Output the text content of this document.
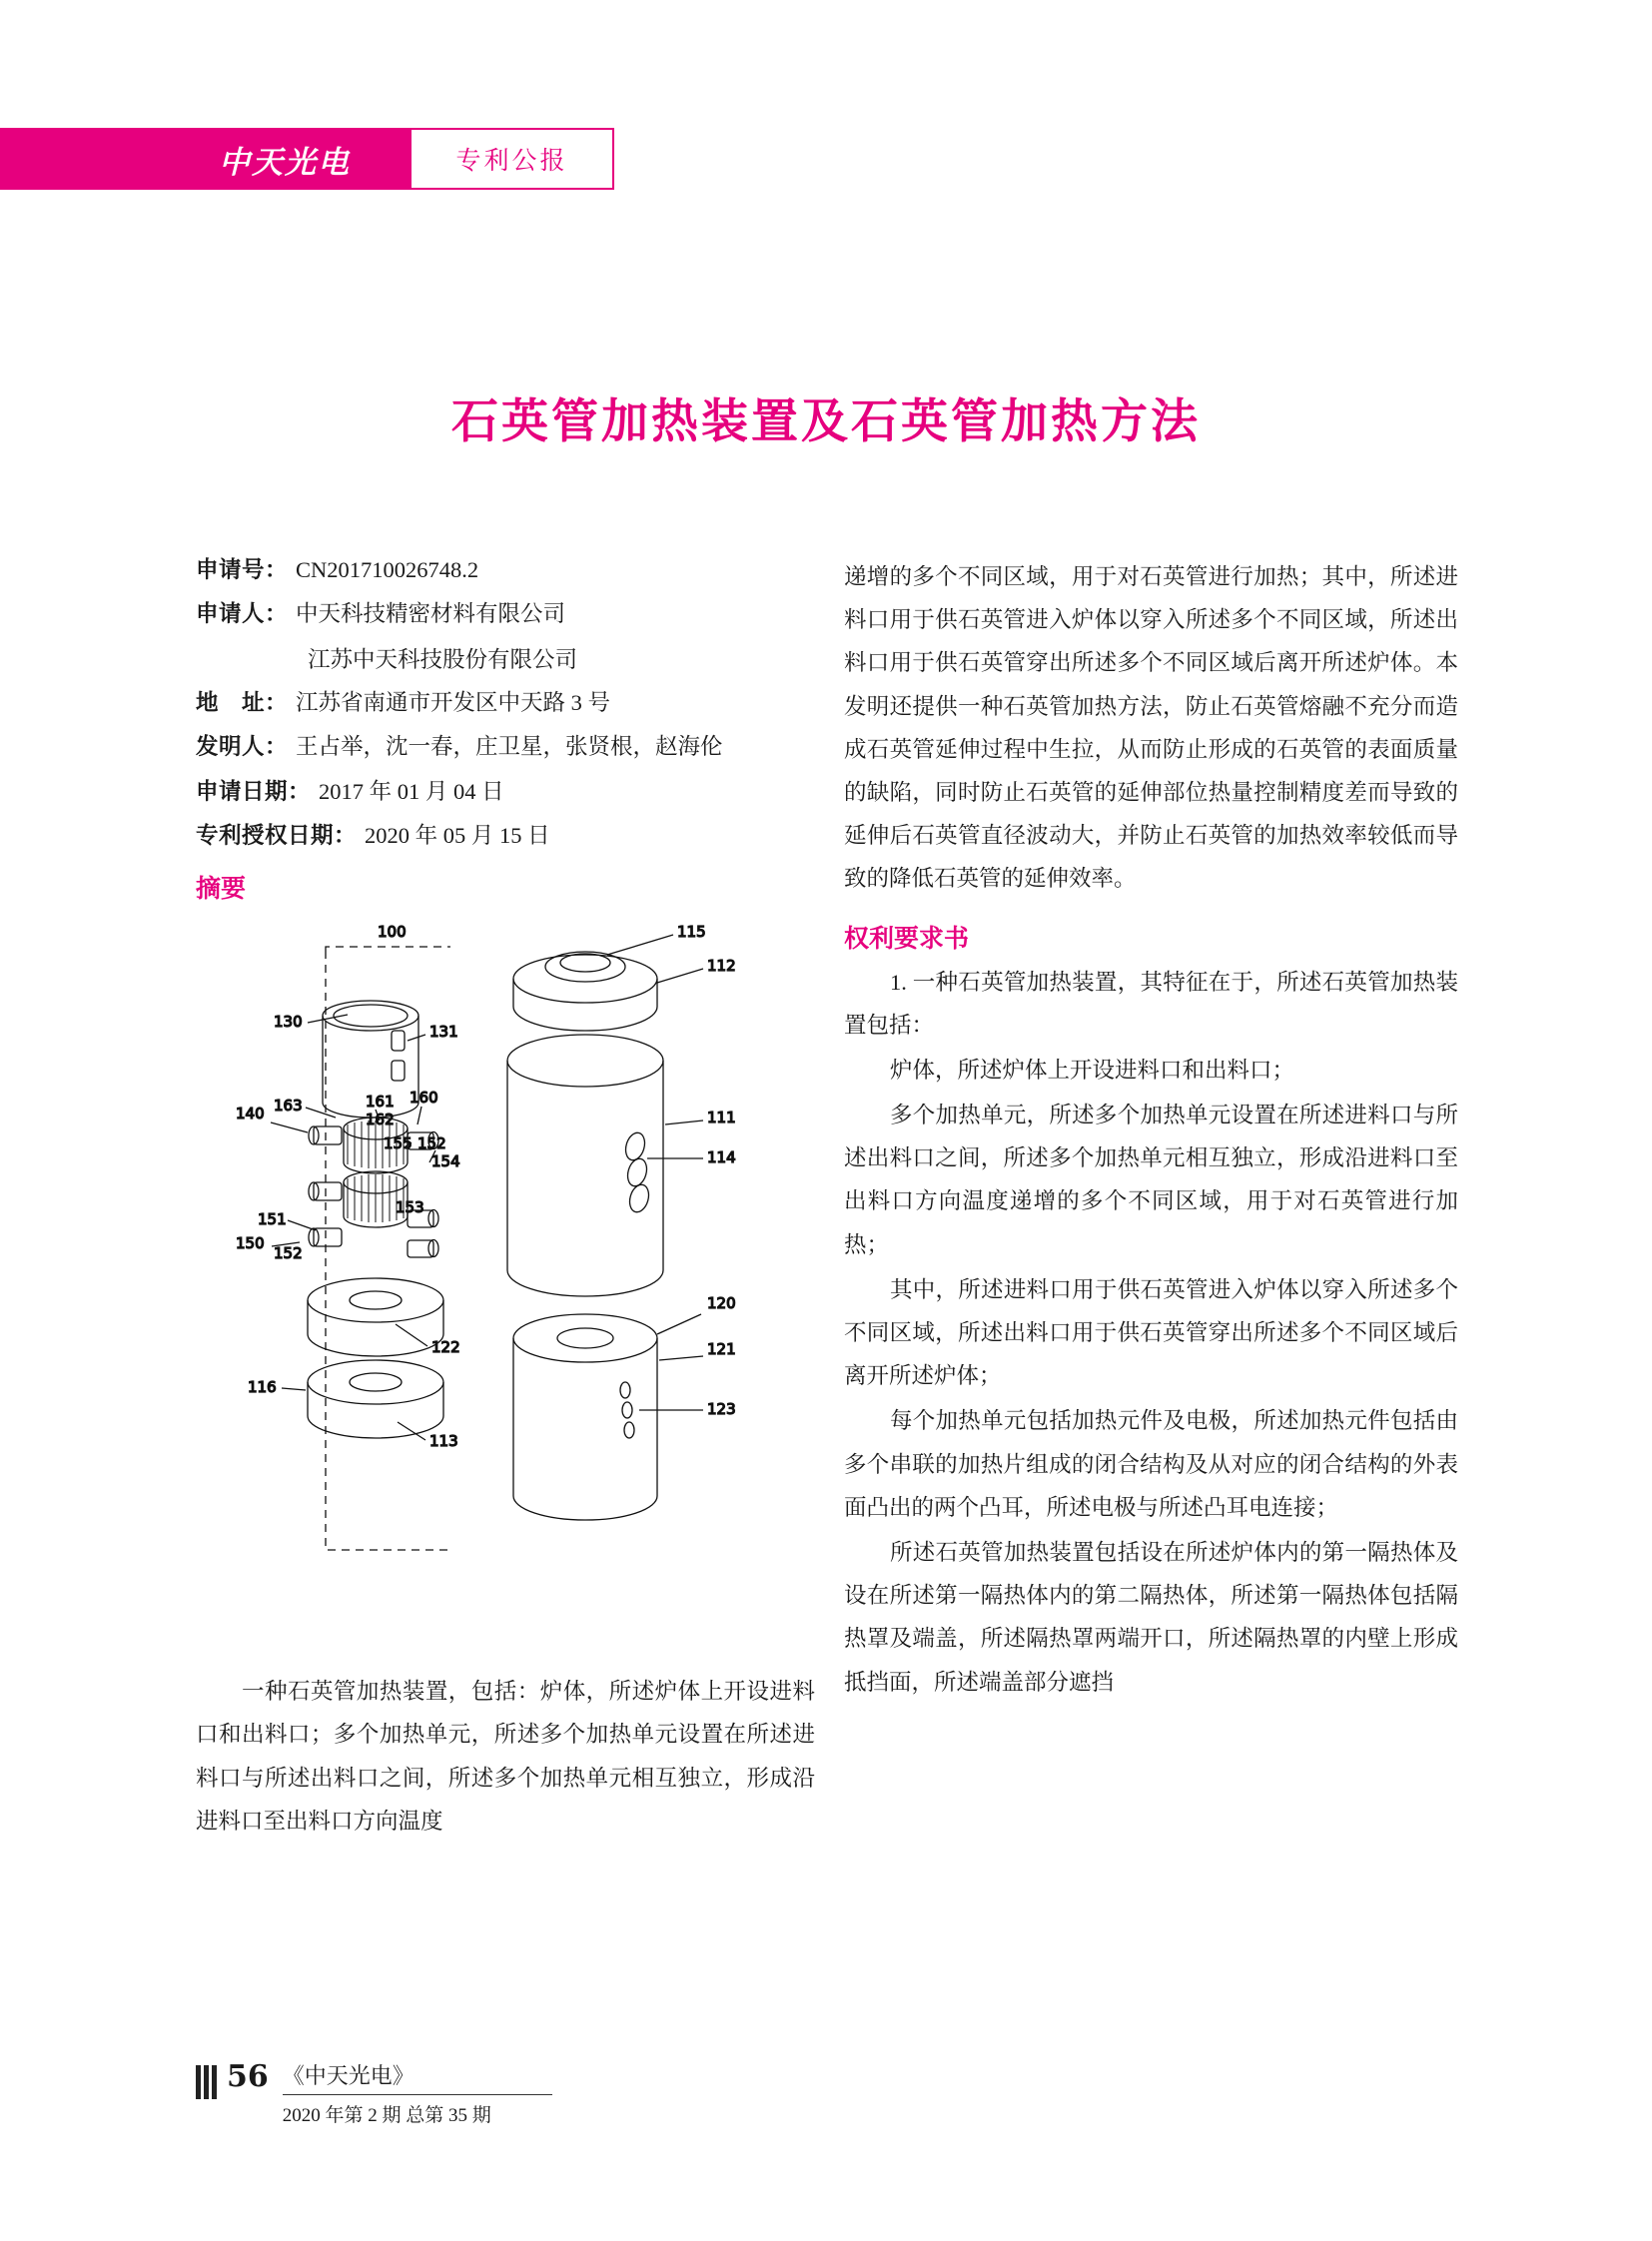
中天光电	专利公报
石英管加热装置及石英管加热方法
申请号： CN201710026748.2
申请人： 中天科技精密材料有限公司
江苏中天科技股份有限公司
地　址： 江苏省南通市开发区中天路 3 号
发明人： 王占举，沈一春，庄卫星，张贤根，赵海伦
申请日期： 2017 年 01 月 04 日
专利授权日期： 2020 年 05 月 15 日
摘要
100
130
131
163
140
161 160
162
155 152
154
153
151
150
152
122
116
113
115
112
111
114
120
121
123

一种石英管加热装置，包括：炉体，所述炉体上开设进料口和出料口；多个加热单元，所述多个加热单元设置在所述进料口与所述出料口之间，所述多个加热单元相互独立，形成沿进料口至出料口方向温度

递增的多个不同区域，用于对石英管进行加热；其中，所述进料口用于供石英管进入炉体以穿入所述多个不同区域，所述出料口用于供石英管穿出所述多个不同区域后离开所述炉体。本发明还提供一种石英管加热方法，防止石英管熔融不充分而造成石英管延伸过程中生拉，从而防止形成的石英管的表面质量的缺陷，同时防止石英管的延伸部位热量控制精度差而导致的延伸后石英管直径波动大，并防止石英管的加热效率较低而导致的降低石英管的延伸效率。

权利要求书

1. 一种石英管加热装置，其特征在于，所述石英管加热装置包括：

炉体，所述炉体上开设进料口和出料口；

多个加热单元，所述多个加热单元设置在所述进料口与所述出料口之间，所述多个加热单元相互独立，形成沿进料口至出料口方向温度递增的多个不同区域，用于对石英管进行加热；

其中，所述进料口用于供石英管进入炉体以穿入所述多个不同区域，所述出料口用于供石英管穿出所述多个不同区域后离开所述炉体；

每个加热单元包括加热元件及电极，所述加热元件包括由多个串联的加热片组成的闭合结构及从对应的闭合结构的外表面凸出的两个凸耳，所述电极与所述凸耳电连接；

所述石英管加热装置包括设在所述炉体内的第一隔热体及设在所述第一隔热体内的第二隔热体，所述第一隔热体包括隔热罩及端盖，所述隔热罩两端开口，所述隔热罩的内壁上形成抵挡面，所述端盖部分遮挡

56 《中天光电》
2020 年第 2 期 总第 35 期
